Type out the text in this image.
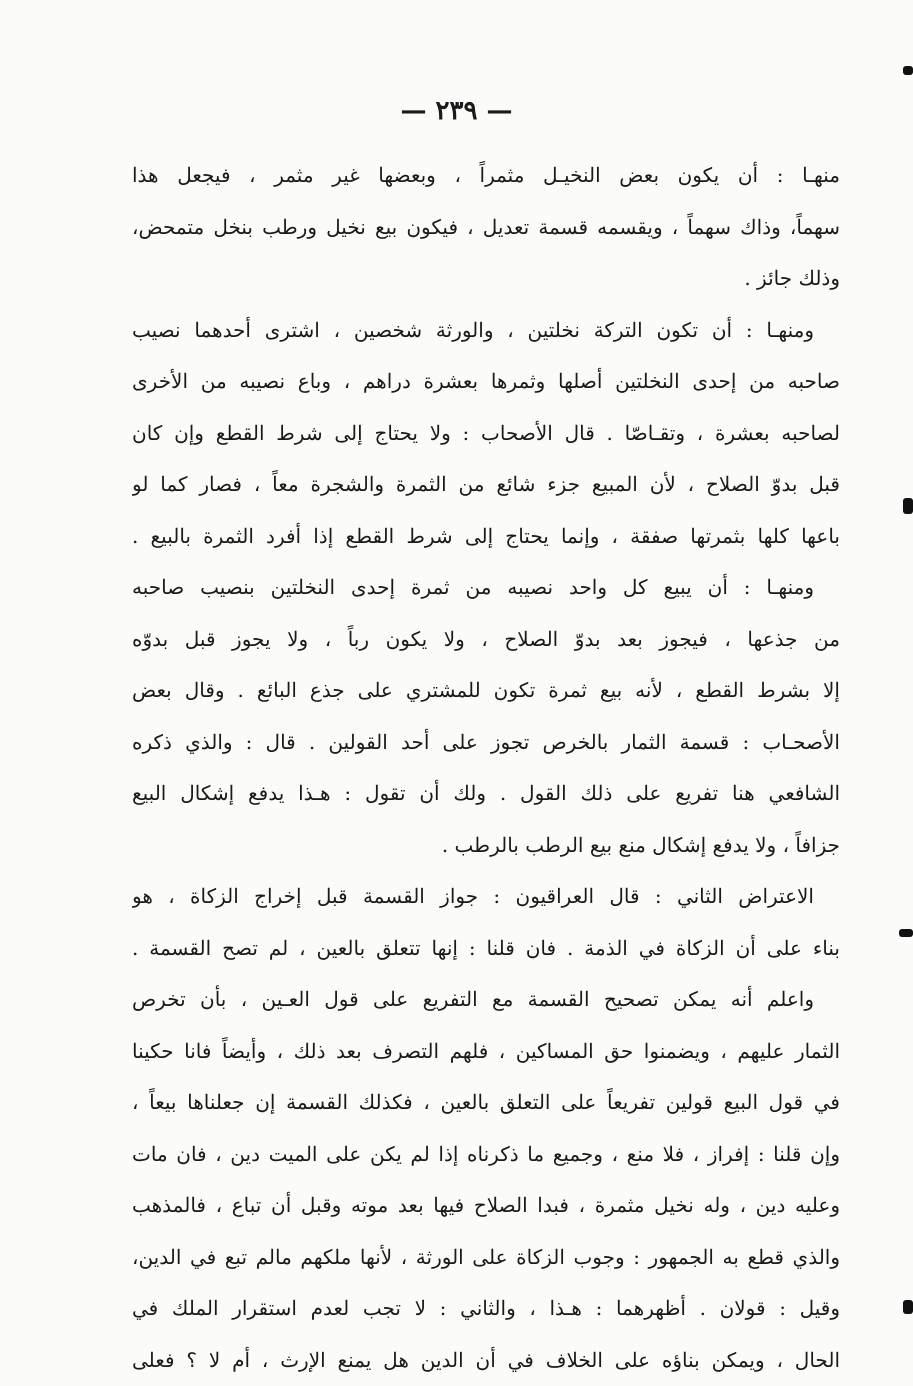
— ٢٣٩ —
منهـا : أن يكون بعض النخيـل مثمراً ، وبعضها غير مثمر ، فيجعل هذا
سهماً، وذاك سهماً ، ويقسمه قسمة تعديل ، فيكون بيع نخيل ورطب بنخل متمحض،
وذلك جائز .
ومنهـا : أن تكون التركة نخلتين ، والورثة شخصين ، اشترى أحدهما نصيب
صاحبه من إحدى النخلتين أصلها وثمرها بعشرة دراهم ، وباع نصيبه من الأخرى
لصاحبه بعشرة ، وتقـاصّا . قال الأصحاب : ولا يحتاج إلى شرط القطع وإن كان
قبل بدوّ الصلاح ، لأن المبيع جزء شائع من الثمرة والشجرة معاً ، فصار كما لو
باعها كلها بثمرتها صفقة ، وإنما يحتاج إلى شرط القطع إذا أفرد الثمرة بالبيع .
ومنهـا : أن يبيع كل واحد نصيبه من ثمرة إحدى النخلتين بنصيب صاحبه
من جذعها ، فيجوز بعد بدوّ الصلاح ، ولا يكون رباً ، ولا يجوز قبل بدوّه
إلا بشرط القطع ، لأنه بيع ثمرة تكون للمشتري على جذع البائع . وقال بعض
الأصحـاب : قسمة الثمار بالخرص تجوز على أحد القولين . قال : والذي ذكره
الشافعي هنا تفريع على ذلك القول . ولك أن تقول : هـذا يدفع إشكال البيع
جزافاً ، ولا يدفع إشكال منع بيع الرطب بالرطب .
الاعتراض الثاني : قال العراقيون : جواز القسمة قبل إخراج الزكاة ، هو
بناء على أن الزكاة في الذمة . فان قلنا : إنها تتعلق بالعين ، لم تصح القسمة .
واعلم أنه يمكن تصحيح القسمة مع التفريع على قول العـين ، بأن تخرص
الثمار عليهم ، ويضمنوا حق المساكين ، فلهم التصرف بعد ذلك ، وأيضاً فانا حكينا
في قول البيع قولين تفريعاً على التعلق بالعين ، فكذلك القسمة إن جعلناها بيعاً ،
وإن قلنا : إفراز ، فلا منع ، وجميع ما ذكرناه إذا لم يكن على الميت دين ، فان مات
وعليه دين ، وله نخيل مثمرة ، فبدا الصلاح فيها بعد موته وقبل أن تباع ، فالمذهب
والذي قطع به الجمهور : وجوب الزكاة على الورثة ، لأنها ملكهم مالم تبع في الدين،
وقيل : قولان . أظهرهما : هـذا ، والثاني : لا تجب لعدم استقرار الملك في
الحال ، ويمكن بناؤه على الخلاف في أن الدين هل يمنع الإرث ، أم لا ؟ فعلى
